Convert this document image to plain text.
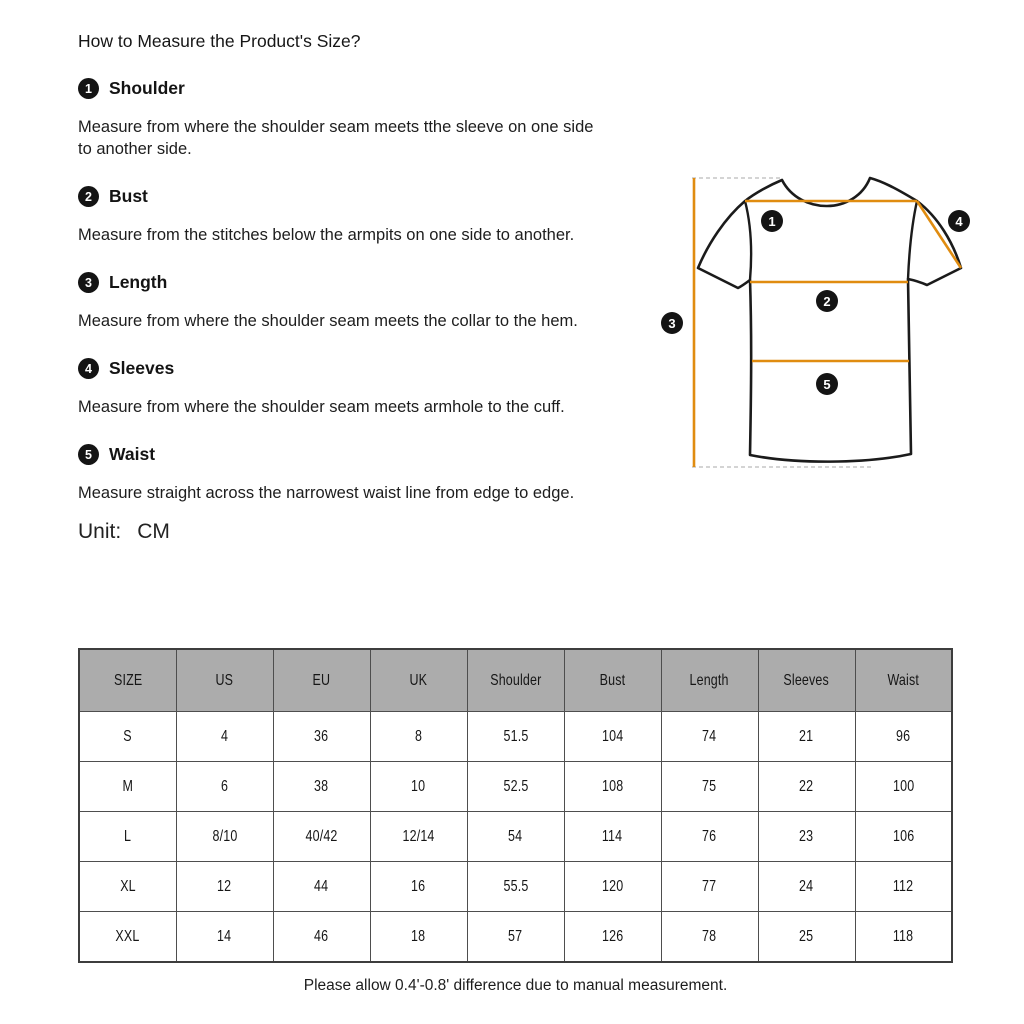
How to Measure the Product's Size?
1 Shoulder
Measure from where the shoulder seam meets tthe sleeve on one side to another side.
2 Bust
Measure from the stitches below the armpits on one side to another.
3 Length
Measure from where the shoulder seam meets the collar to the hem.
4 Sleeves
Measure from where the shoulder seam meets armhole to the cuff.
5 Waist
Measure straight across the narrowest waist line from edge to edge.
Unit: CM
1
2
3
4
5
SIZE	US	EU	UK	Shoulder	Bust	Length	Sleeves	Waist
S	4	36	8	51.5	104	74	21	96
M	6	38	10	52.5	108	75	22	100
L	8/10	40/42	12/14	54	114	76	23	106
XL	12	44	16	55.5	120	77	24	112
XXL	14	46	18	57	126	78	25	118
Please allow 0.4'-0.8' difference due to manual measurement.
